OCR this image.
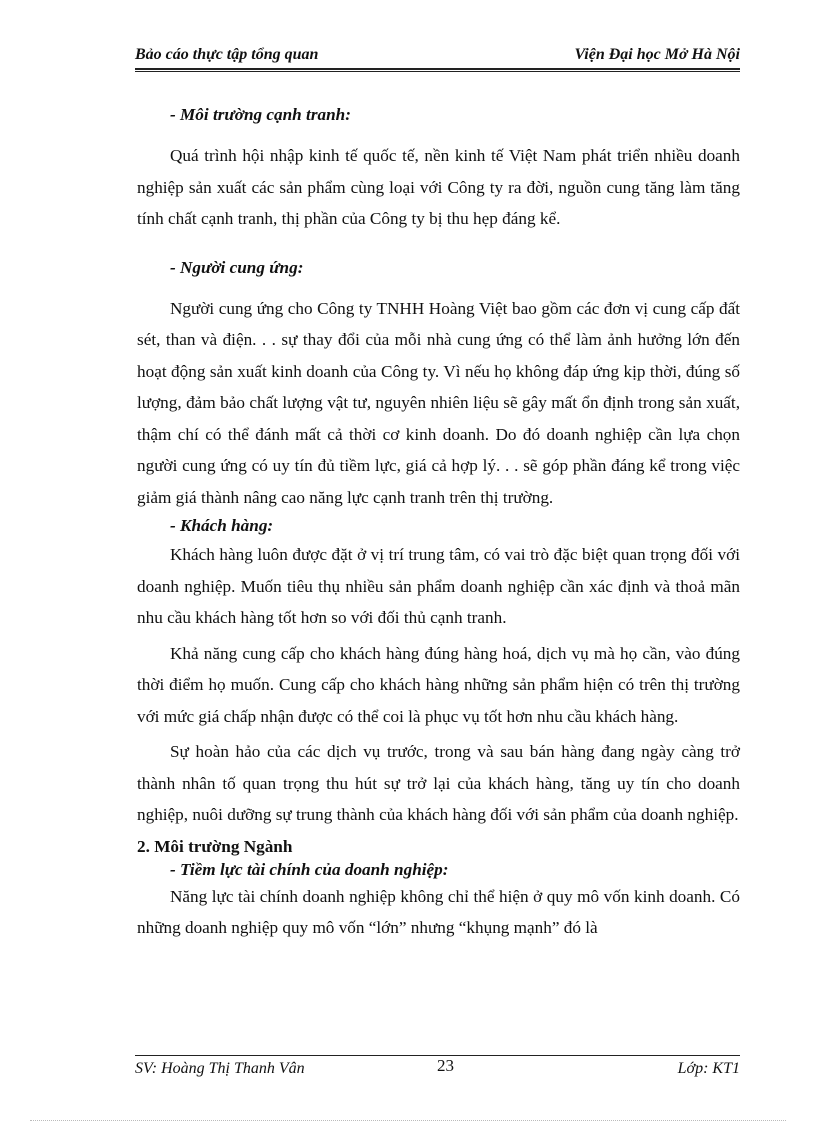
Bảo cáo thực tập tổng quan	Viện Đại học Mở Hà Nội

- Môi trường cạnh tranh:

Quá trình hội nhập kinh tế quốc tế, nền kinh tế Việt Nam phát triển nhiều doanh nghiệp sản xuất các sản phẩm cùng loại với Công ty ra đời, nguồn cung tăng làm tăng tính chất cạnh tranh, thị phần của Công ty bị thu hẹp đáng kể.

- Người cung ứng:

Người cung ứng cho Công ty TNHH Hoàng Việt bao gồm các đơn vị cung cấp đất sét, than và điện. . . sự thay đổi của mỗi nhà cung ứng có thể làm ảnh hưởng lớn đến hoạt động sản xuất kinh doanh của Công ty. Vì nếu họ không đáp ứng kịp thời, đúng số lượng, đảm bảo chất lượng vật tư, nguyên nhiên liệu sẽ gây mất ổn định trong sản xuất, thậm chí có thể đánh mất cả thời cơ kinh doanh. Do đó doanh nghiệp cần lựa chọn người cung ứng có uy tín đủ tiềm lực, giá cả hợp lý. . . sẽ góp phần đáng kể trong việc giảm giá thành nâng cao năng lực cạnh tranh trên thị trường.

- Khách hàng:

Khách hàng luôn được đặt ở vị trí trung tâm, có vai trò đặc biệt quan trọng đối với doanh nghiệp. Muốn tiêu thụ nhiều sản phẩm doanh nghiệp cần xác định và thoả mãn nhu cầu khách hàng tốt hơn so với đối thủ cạnh tranh.

Khả năng cung cấp cho khách hàng đúng hàng hoá, dịch vụ mà họ cần, vào đúng thời điểm họ muốn. Cung cấp cho khách hàng những sản phẩm hiện có trên thị trường với mức giá chấp nhận được có thể coi là phục vụ tốt hơn nhu cầu khách hàng.

Sự hoàn hảo của các dịch vụ trước, trong và sau bán hàng đang ngày càng trở thành nhân tố quan trọng thu hút sự trở lại của khách hàng, tăng uy tín cho doanh nghiệp, nuôi dưỡng sự trung thành của khách hàng đối với sản phẩm của doanh nghiệp.

2. Môi trường Ngành

- Tiềm lực tài chính của doanh nghiệp:

Năng lực tài chính doanh nghiệp không chỉ thể hiện ở quy mô vốn kinh doanh. Có những doanh nghiệp quy mô vốn “lớn” nhưng “khụng mạnh” đó là

SV: Hoàng Thị Thanh Vân	23	Lớp: KT1
